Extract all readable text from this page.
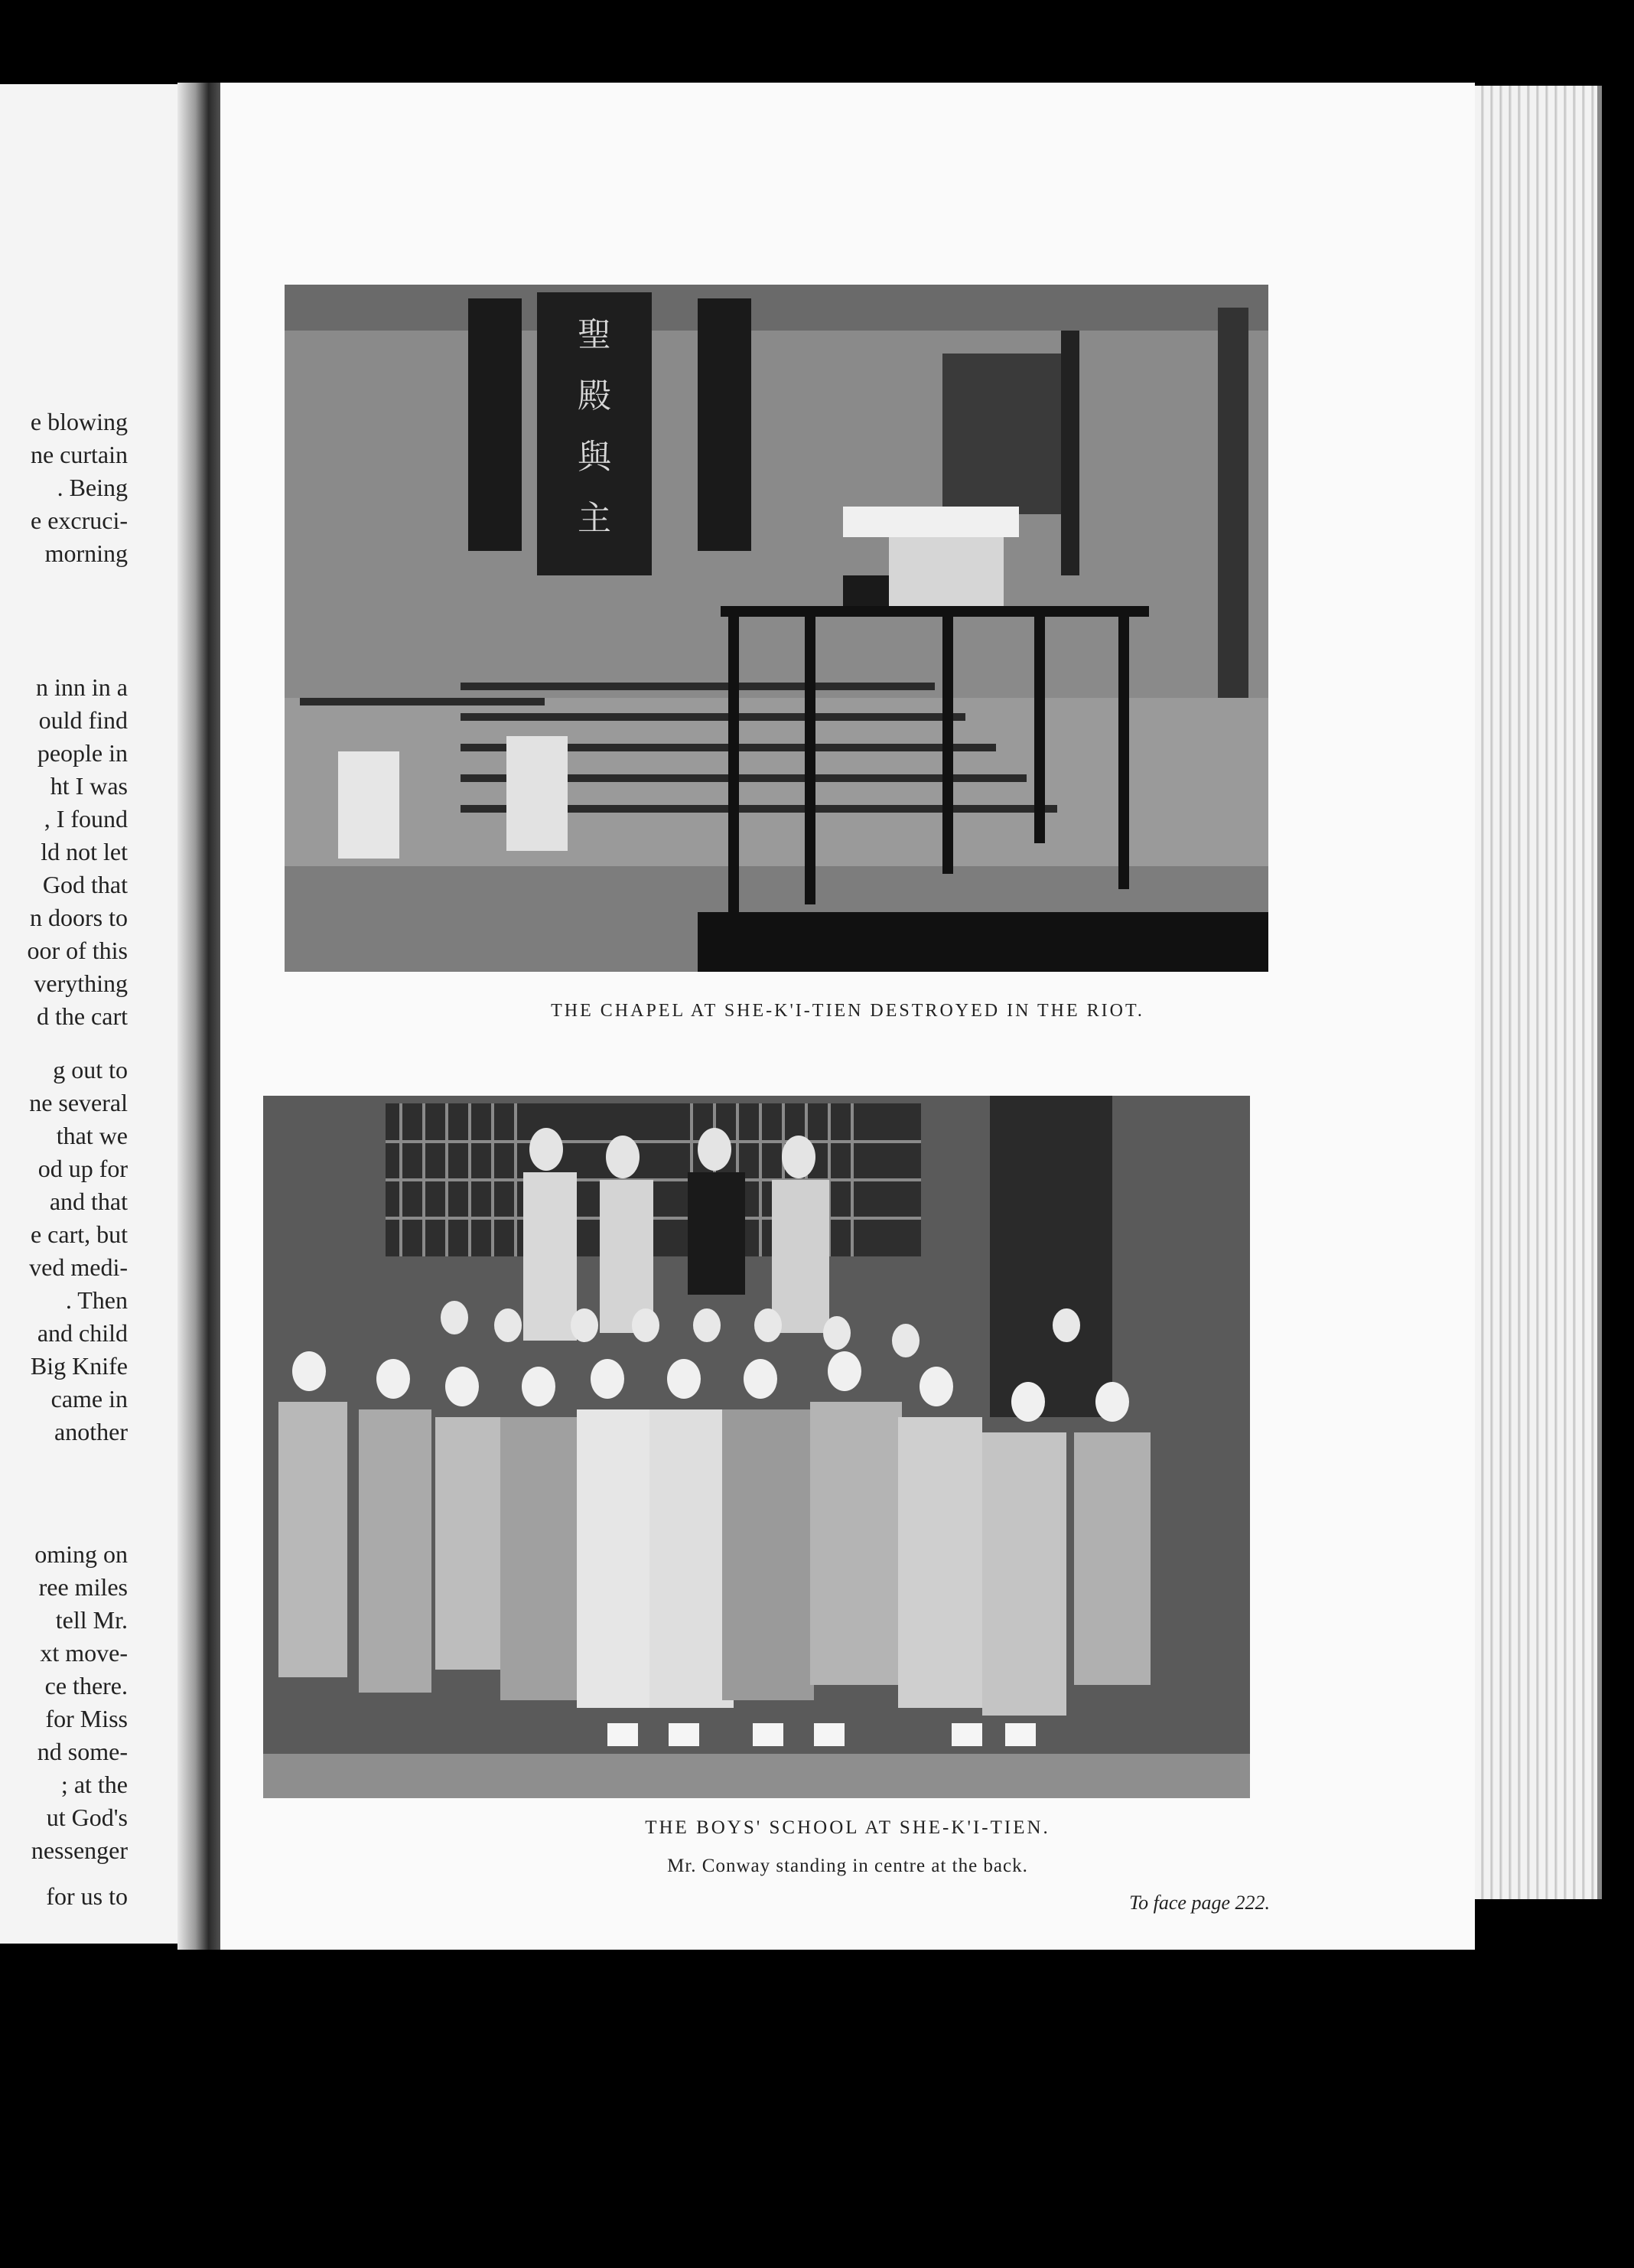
e blowing
ne curtain
. Being
e excruci-
morning
n inn in a
ould find
people in
ht I was
, I found
ld not let
God that
n doors to
oor of this
verything
d the cart
g out to
ne several
that we
od up for
and that
e cart, but
ved medi-
. Then
and child
Big Knife
came in
another
oming on
ree miles
tell Mr.
xt move-
ce there.
for Miss
nd some-
; at the
ut God's
nessenger
for us to
聖
殿
與
主
THE CHAPEL AT SHE-K'I-TIEN DESTROYED IN THE RIOT.
THE BOYS' SCHOOL AT SHE-K'I-TIEN.
Mr. Conway standing in centre at the back.
To face page 222.
